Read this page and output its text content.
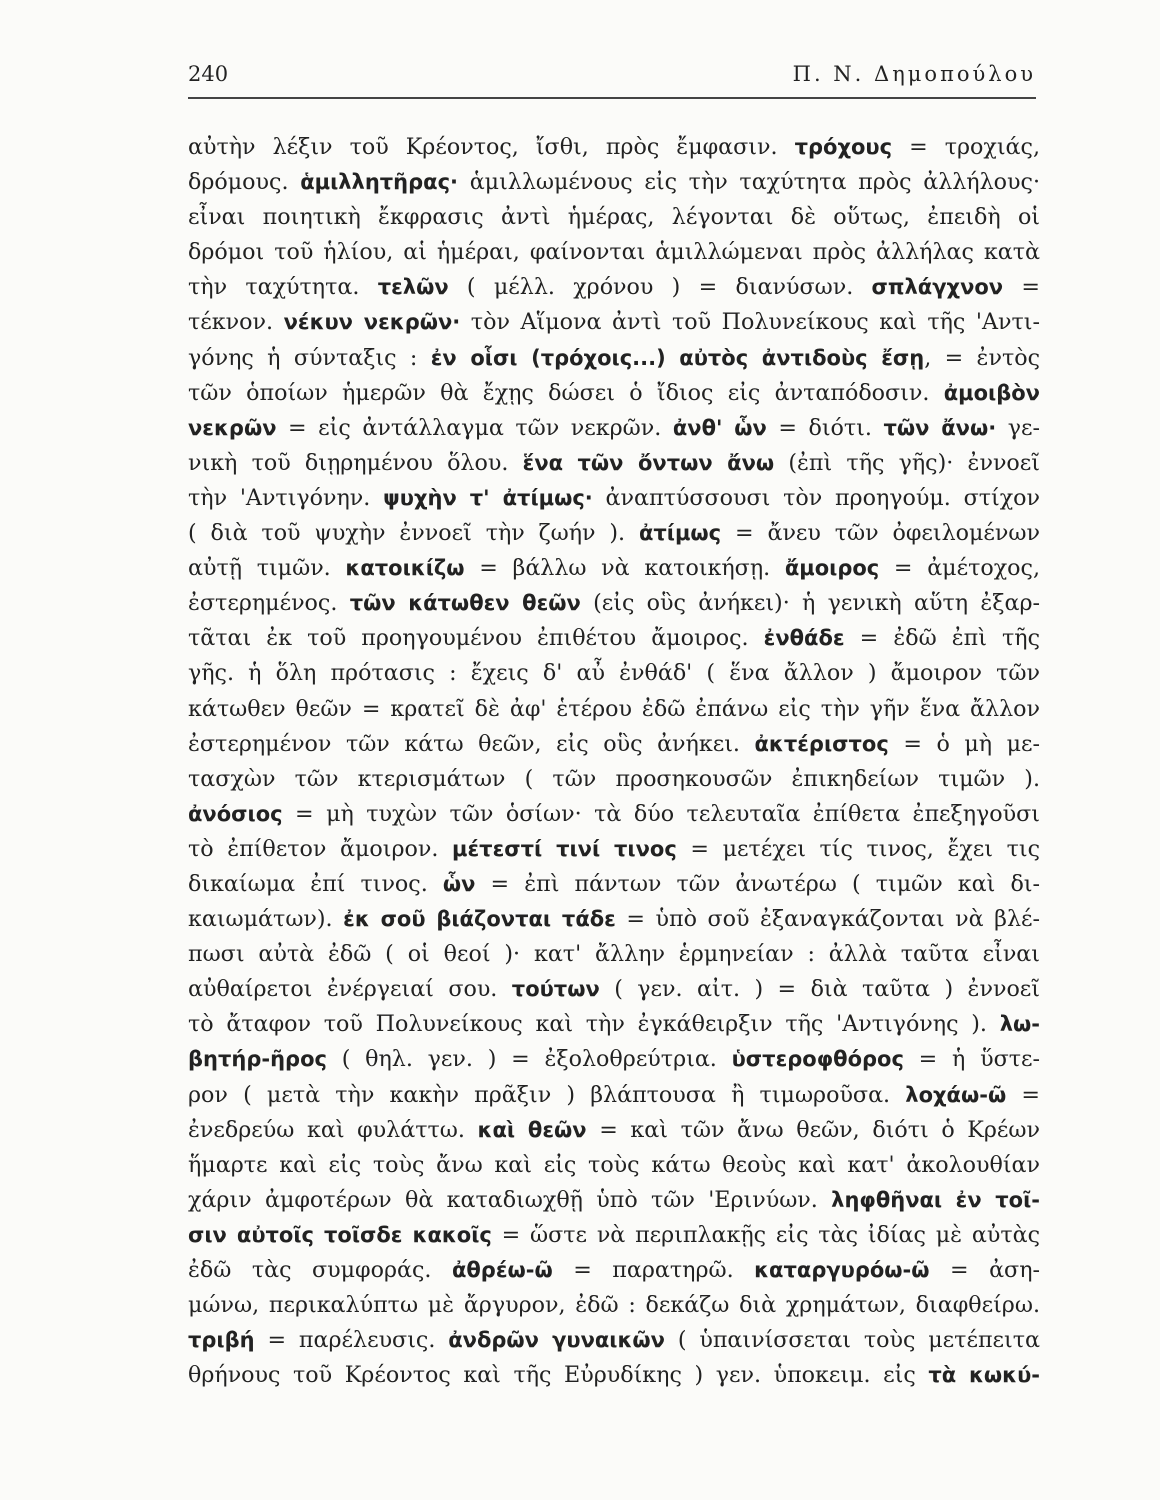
240	Π. Ν. Δημοπούλου
αὐτὴν λέξιν τοῦ Κρέοντος, ἴσθι, πρὸς ἔμφασιν. τρόχους = τροχιάς,
δρόμους. ἁμιλλητῆρας· ἁμιλλωμένους εἰς τὴν ταχύτητα πρὸς ἀλλήλους·
εἶναι ποιητικὴ ἔκφρασις ἀντὶ ἡμέρας, λέγονται δὲ οὕτως, ἐπειδὴ οἱ
δρόμοι τοῦ ἡλίου, αἱ ἡμέραι, φαίνονται ἁμιλλώμεναι πρὸς ἀλλήλας κατὰ
τὴν ταχύτητα. τελῶν ( μέλλ. χρόνου ) = διανύσων. σπλάγχνον =
τέκνον. νέκυν νεκρῶν· τὸν Αἵμονα ἀντὶ τοῦ Πολυνείκους καὶ τῆς 'Αντι-
γόνης ἡ σύνταξις : ἐν οἷσι (τρόχοις...) αὐτὸς ἀντιδοὺς ἔσῃ, = ἐντὸς
τῶν ὁποίων ἡμερῶν θὰ ἔχῃς δώσει ὁ ἴδιος εἰς ἀνταπόδοσιν. ἀμοιβὸν
νεκρῶν = εἰς ἀντάλλαγμα τῶν νεκρῶν. ἀνθ' ὧν = διότι. τῶν ἄνω· γε-
νικὴ τοῦ διῃρημένου ὅλου. ἕνα τῶν ὄντων ἄνω (ἐπὶ τῆς γῆς)· ἐννοεῖ
τὴν 'Αντιγόνην. ψυχὴν τ' ἀτίμως· ἀναπτύσσουσι τὸν προηγούμ. στίχον
( διὰ τοῦ ψυχὴν ἐννοεῖ τὴν ζωήν ). ἀτίμως = ἄνευ τῶν ὀφειλομένων
αὐτῇ τιμῶν. κατοικίζω = βάλλω νὰ κατοικήσῃ. ἄμοιρος = ἀμέτοχος,
ἐστερημένος. τῶν κάτωθεν θεῶν (εἰς οὓς ἀνήκει)· ἡ γενικὴ αὕτη ἐξαρ-
τᾶται ἐκ τοῦ προηγουμένου ἐπιθέτου ἄμοιρος. ἐνθάδε = ἐδῶ ἐπὶ τῆς
γῆς. ἡ ὅλη πρότασις : ἔχεις δ' αὖ ἐνθάδ' ( ἕνα ἄλλον ) ἄμοιρον τῶν
κάτωθεν θεῶν = κρατεῖ δὲ ἀφ' ἑτέρου ἐδῶ ἐπάνω εἰς τὴν γῆν ἕνα ἄλλον
ἐστερημένον τῶν κάτω θεῶν, εἰς οὓς ἀνήκει. ἀκτέριστος = ὁ μὴ με-
τασχὼν τῶν κτερισμάτων ( τῶν προσηκουσῶν ἐπικηδείων τιμῶν ).
ἀνόσιος = μὴ τυχὼν τῶν ὁσίων· τὰ δύο τελευταῖα ἐπίθετα ἐπεξηγοῦσι
τὸ ἐπίθετον ἄμοιρον. μέτεστί τινί τινος = μετέχει τίς τινος, ἔχει τις
δικαίωμα ἐπί τινος. ὧν = ἐπὶ πάντων τῶν ἀνωτέρω ( τιμῶν καὶ δι-
καιωμάτων). ἐκ σοῦ βιάζονται τάδε = ὑπὸ σοῦ ἐξαναγκάζονται νὰ βλέ-
πωσι αὐτὰ ἐδῶ ( οἱ θεοί )· κατ' ἄλλην ἑρμηνείαν : ἀλλὰ ταῦτα εἶναι
αὐθαίρετοι ἐνέργειαί σου. τούτων ( γεν. αἰτ. ) = διὰ ταῦτα ) ἐννοεῖ
τὸ ἄταφον τοῦ Πολυνείκους καὶ τὴν ἐγκάθειρξιν τῆς 'Αντιγόνης ). λω-
βητήρ-ῆρος ( θηλ. γεν. ) = ἐξολοθρεύτρια. ὑστεροφθόρος = ἡ ὕστε-
ρον ( μετὰ τὴν κακὴν πρᾶξιν ) βλάπτουσα ἢ τιμωροῦσα. λοχάω-ῶ =
ἐνεδρεύω καὶ φυλάττω. καὶ θεῶν = καὶ τῶν ἄνω θεῶν, διότι ὁ Κρέων
ἥμαρτε καὶ εἰς τοὺς ἄνω καὶ εἰς τοὺς κάτω θεοὺς καὶ κατ' ἀκολουθίαν
χάριν ἀμφοτέρων θὰ καταδιωχθῇ ὑπὸ τῶν 'Ερινύων. ληφθῆναι ἐν τοῖ-
σιν αὐτοῖς τοῖσδε κακοῖς = ὥστε νὰ περιπλακῇς εἰς τὰς ἰδίας μὲ αὐτὰς
ἐδῶ τὰς συμφοράς. ἀθρέω-ῶ = παρατηρῶ. καταργυρόω-ῶ = ἀση-
μώνω, περικαλύπτω μὲ ἄργυρον, ἐδῶ : δεκάζω διὰ χρημάτων, διαφθείρω.
τριβή = παρέλευσις. ἀνδρῶν γυναικῶν ( ὑπαινίσσεται τοὺς μετέπειτα
θρήνους τοῦ Κρέοντος καὶ τῆς Εὐρυδίκης ) γεν. ὑποκειμ. εἰς τὰ κωκύ-
